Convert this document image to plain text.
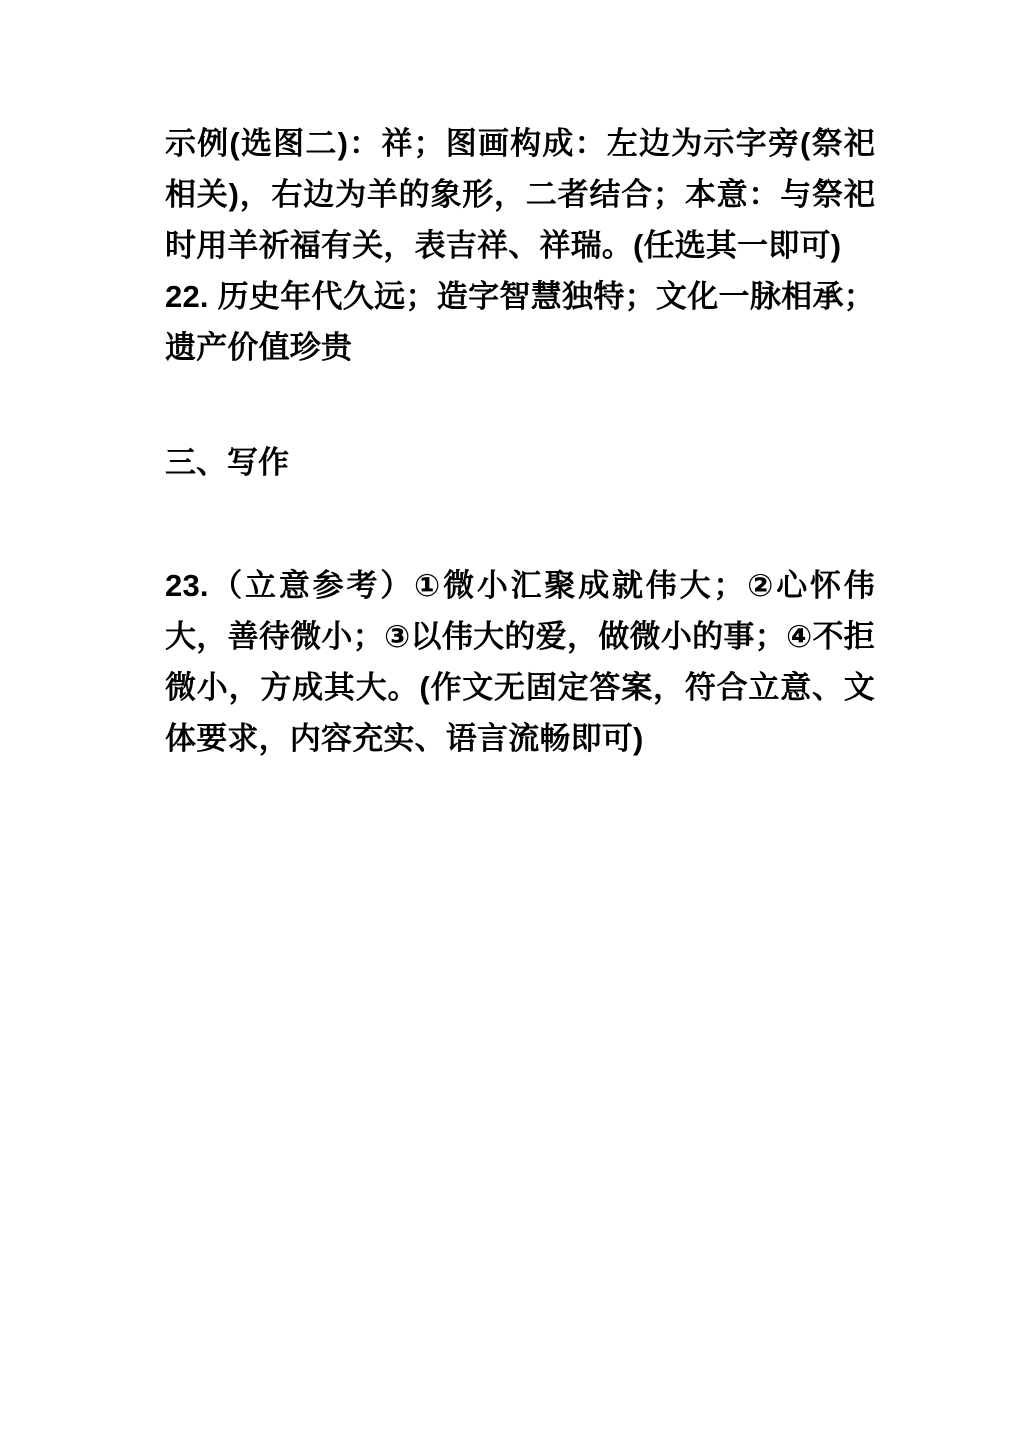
示例(选图二)：祥；图画构成：左边为示字旁(祭祀相关)，右边为羊的象形，二者结合；本意：与祭祀时用羊祈福有关，表吉祥、祥瑞。(任选其一即可)

22. 历史年代久远；造字智慧独特；文化一脉相承；遗产价值珍贵

三、写作

23.（立意参考）①微小汇聚成就伟大；②心怀伟大，善待微小；③以伟大的爱，做微小的事；④不拒微小，方成其大。(作文无固定答案，符合立意、文体要求，内容充实、语言流畅即可)
